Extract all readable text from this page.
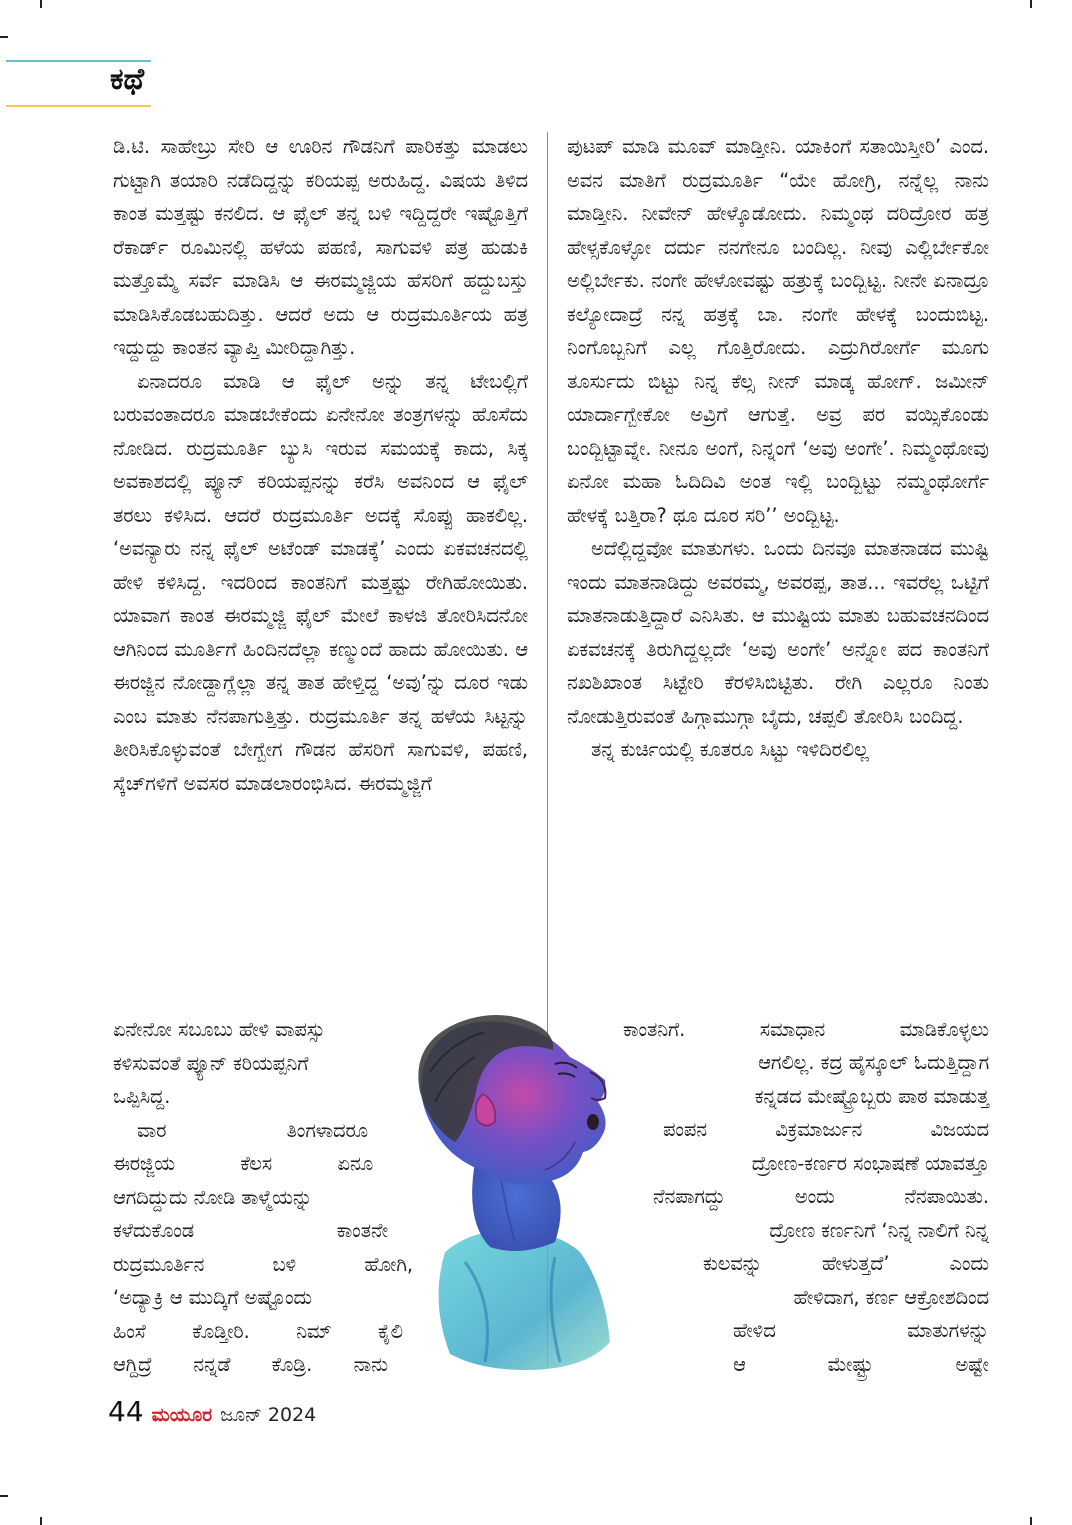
ಕಥೆ

ಡಿ.ಟಿ. ಸಾಹೇಬ್ರು ಸೇರಿ ಆ ಊರಿನ ಗೌಡನಿಗೆ ಪಾರಿಕತ್ತು ಮಾಡಲು ಗುಟ್ಟಾಗಿ ತಯಾರಿ ನಡೆದಿದ್ದನ್ನು ಕರಿಯಪ್ಪ ಅರುಹಿದ್ದ. ವಿಷಯ ತಿಳಿದ ಕಾಂತ ಮತ್ತಷ್ಟು ಕನಲಿದ. ಆ ಫೈಲ್ ತನ್ನ ಬಳಿ ಇದ್ದಿದ್ದರೇ ಇಷ್ಟೊತ್ತಿಗೆ ರೆಕಾರ್ಡ್ ರೂಮಿನಲ್ಲಿ ಹಳೆಯ ಪಹಣಿ, ಸಾಗುವಳಿ ಪತ್ರ ಹುಡುಕಿ ಮತ್ತೊಮ್ಮೆ ಸರ್ವೆ ಮಾಡಿಸಿ ಆ ಈರಮ್ಮಜ್ಜಿಯ ಹೆಸರಿಗೆ ಹದ್ದುಬಸ್ತು ಮಾಡಿಸಿಕೊಡಬಹುದಿತ್ತು. ಆದರೆ ಅದು ಆ ರುದ್ರಮೂರ್ತಿಯ ಹತ್ರ ಇದ್ದುದ್ದು ಕಾಂತನ ವ್ಯಾಪ್ತಿ ಮೀರಿದ್ದಾಗಿತ್ತು.

ಏನಾದರೂ ಮಾಡಿ ಆ ಫೈಲ್ ಅನ್ನು ತನ್ನ ಟೇಬಲ್ಲಿಗೆ ಬರುವಂತಾದರೂ ಮಾಡಬೇಕೆಂದು ಏನೇನೋ ತಂತ್ರಗಳನ್ನು ಹೊಸೆದು ನೋಡಿದ. ರುದ್ರಮೂರ್ತಿ ಬ್ಯುಸಿ ಇರುವ ಸಮಯಕ್ಕೆ ಕಾದು, ಸಿಕ್ಕ ಅವಕಾಶದಲ್ಲಿ ಪ್ಯೂನ್ ಕರಿಯಪ್ಪನನ್ನು ಕರೆಸಿ ಅವನಿಂದ ಆ ಫೈಲ್ ತರಲು ಕಳಿಸಿದ. ಆದರೆ ರುದ್ರಮೂರ್ತಿ ಅದಕ್ಕೆ ಸೊಪ್ಪು ಹಾಕಲಿಲ್ಲ. ‘ಅವನ್ಯಾರು ನನ್ನ ಫೈಲ್ ಅಟೆಂಡ್ ಮಾಡಕ್ಕೆ’ ಎಂದು ಏಕವಚನದಲ್ಲಿ ಹೇಳಿ ಕಳಿಸಿದ್ದ. ಇದರಿಂದ ಕಾಂತನಿಗೆ ಮತ್ತಷ್ಟು ರೇಗಿಹೋಯಿತು. ಯಾವಾಗ ಕಾಂತ ಈರಮ್ಮಜ್ಜಿ ಫೈಲ್ ಮೇಲೆ ಕಾಳಜಿ ತೋರಿಸಿದನೋ ಆಗಿನಿಂದ ಮೂರ್ತಿಗೆ ಹಿಂದಿನದೆಲ್ಲಾ ಕಣ್ಮುಂದೆ ಹಾದು ಹೋಯಿತು. ಆ ಈರಜ್ಜಿನ ನೋಡ್ದಾಗ್ಲೆಲ್ಲಾ ತನ್ನ ತಾತ ಹೇಳ್ತಿದ್ದ ‘ಅವು’ನ್ನು ದೂರ ಇಡು ಎಂಬ ಮಾತು ನೆನಪಾಗುತ್ತಿತ್ತು. ರುದ್ರಮೂರ್ತಿ ತನ್ನ ಹಳೆಯ ಸಿಟ್ಟನ್ನು ತೀರಿಸಿಕೊಳ್ಳುವಂತೆ ಬೇಗ್ಬೇಗ ಗೌಡನ ಹೆಸರಿಗೆ ಸಾಗುವಳಿ, ಪಹಣಿ, ಸ್ಕೆಚ್‌ಗಳಿಗೆ ಅವಸರ ಮಾಡಲಾರಂಭಿಸಿದ. ಈರಮ್ಮಜ್ಜಿಗೆ

ಏನೇನೋ ಸಬೂಬು ಹೇಳಿ ವಾಪಸ್ಸು
ಕಳಿಸುವಂತೆ ಪ್ಯೂನ್ ಕರಿಯಪ್ಪನಿಗೆ
ಒಪ್ಪಿಸಿದ್ದ.
ವಾರ	ತಿಂಗಳಾದರೂ
ಈರಜ್ಜಿಯ	ಕೆಲಸ	ಏನೂ
ಆಗದಿದ್ದುದು ನೋಡಿ ತಾಳ್ಮೆಯನ್ನು
ಕಳೆದುಕೊಂಡ	ಕಾಂತನೇ
ರುದ್ರಮೂರ್ತಿನ	ಬಳಿ	ಹೋಗಿ,
‘ಅದ್ಯಾಕ್ರಿ ಆ ಮುದ್ಕಿಗೆ ಅಷ್ಟೊಂದು
ಹಿಂಸೆ ಕೊಡ್ತೀರಿ. ನಿಮ್ ಕೈಲಿ
ಆಗ್ದಿದ್ರೆ ನನ್ನಡೆ ಕೊಡ್ರಿ. ನಾನು

ಪುಟಪ್ ಮಾಡಿ ಮೂವ್ ಮಾಡ್ತೀನಿ. ಯಾಕಿಂಗೆ ಸತಾಯಿಸ್ತೀರಿ’ ಎಂದ. ಅವನ ಮಾತಿಗೆ ರುದ್ರಮೂರ್ತಿ “ಯೇ ಹೋಗ್ರಿ, ನನ್ನೆಲ್ಲ ನಾನು ಮಾಡ್ತೀನಿ. ನೀವೇನ್ ಹೇಳ್ಕೊಡೋದು. ನಿಮ್ಮಂಥ ದರಿದ್ರೋರ ಹತ್ರ ಹೇಳ್ಸಕೊಳ್ಳೋ ದರ್ದು ನನಗೇನೂ ಬಂದಿಲ್ಲ. ನೀವು ಎಲ್ಲಿರ್ಬೇಕೋ ಅಲ್ಲಿರ್ಬೇಕು. ನಂಗೇ ಹೇಳೋವಷ್ಟು ಹತ್ರುಕ್ಕೆ ಬಂದ್ಬಿಟ್ಟ. ನೀನೇ ಏನಾದ್ರೂ ಕಲ್ಯೋದಾದ್ರೆ ನನ್ನ ಹತ್ರಕ್ಕೆ ಬಾ. ನಂಗೇ ಹೇಳಕ್ಕೆ ಬಂದುಬಿಟ್ಟ. ನಿಂಗೊಬ್ಬನಿಗೆ ಎಲ್ಲ ಗೊತ್ತಿರೋದು. ಎದ್ರುಗಿರೋರ್ಗೆ ಮೂಗು ತೂರ್ಸುದು ಬಿಟ್ಟು ನಿನ್ನ ಕೆಲ್ಸ ನೀನ್ ಮಾಡ್ಕ ಹೋಗ್. ಜಮೀನ್ ಯಾರ್ದಾಗ್ಬೇಕೋ ಅವ್ರಿಗೆ ಆಗುತ್ತೆ. ಅವ್ರ ಪರ ವಯ್ಸಿಕೊಂಡು ಬಂದ್ಬಿಟ್ಟಾವ್ನೇ. ನೀನೂ ಅಂಗೆ, ನಿನ್ನಂಗೆ ‘ಅವು ಅಂಗೇ’. ನಿಮ್ಮಂಥೋವು ಏನೋ ಮಹಾ ಓದಿದಿವಿ ಅಂತ ಇಲ್ಲಿ ಬಂದ್ಬಿಟ್ಟು ನಮ್ಮಂಥೋರ್ಗೆ ಹೇಳಕ್ಕೆ ಬತ್ತಿರಾ? ಥೂ ದೂರ ಸರಿ’’ ಅಂದ್ಬಿಟ್ಟ.

ಅದೆಲ್ಲಿದ್ದವೋ ಮಾತುಗಳು. ಒಂದು ದಿನವೂ ಮಾತನಾಡದ ಮುಷ್ಟಿ ಇಂದು ಮಾತನಾಡಿದ್ದು ಅವರಮ್ಮ, ಅವರಪ್ಪ, ತಾತ... ಇವರೆಲ್ಲ ಒಟ್ಟಿಗೆ ಮಾತನಾಡುತ್ತಿದ್ದಾರೆ ಎನಿಸಿತು. ಆ ಮುಷ್ಟಿಯ ಮಾತು ಬಹುವಚನದಿಂದ ಏಕವಚನಕ್ಕೆ ತಿರುಗಿದ್ದಲ್ಲದೇ ‘ಅವು ಅಂಗೇ’ ಅನ್ನೋ ಪದ ಕಾಂತನಿಗೆ ನಖಶಿಖಾಂತ ಸಿಟ್ಟೇರಿ ಕೆರಳಿಸಿಬಿಟ್ಟಿತು. ರೇಗಿ ಎಲ್ಲರೂ ನಿಂತು ನೋಡುತ್ತಿರುವಂತೆ ಹಿಗ್ಗಾಮುಗ್ಗಾ ಬೈದು, ಚಪ್ಪಲಿ ತೋರಿಸಿ ಬಂದಿದ್ದ.

ತನ್ನ ಕುರ್ಚಿಯಲ್ಲಿ ಕೂತರೂ ಸಿಟ್ಟು ಇಳಿದಿರಲಿಲ್ಲ

ಕಾಂತನಿಗೆ.	ಸಮಾಧಾನ	ಮಾಡಿಕೊಳ್ಳಲು
ಆಗಲಿಲ್ಲ. ಕದ್ರ ಹೈಸ್ಕೂಲ್ ಓದುತ್ತಿದ್ದಾಗ
ಕನ್ನಡದ ಮೇಷ್ಟ್ರೊಬ್ಬರು ಪಾಠ ಮಾಡುತ್ತ
ಪಂಪನ	ವಿಕ್ರಮಾರ್ಜುನ	ವಿಜಯದ
ದ್ರೋಣ-ಕರ್ಣರ ಸಂಭಾಷಣೆ ಯಾವತ್ತೂ
ನೆನಪಾಗದ್ದು	ಅಂದು	ನೆನಪಾಯಿತು.
ದ್ರೋಣ ಕರ್ಣನಿಗೆ ‘ನಿನ್ನ ನಾಲಿಗೆ ನಿನ್ನ
ಕುಲವನ್ನು	ಹೇಳುತ್ತದೆ’	ಎಂದು
ಹೇಳಿದಾಗ, ಕರ್ಣ ಆಕ್ರೋಶದಿಂದ
ಹೇಳಿದ	ಮಾತುಗಳನ್ನು
ಆ	ಮೇಷ್ಟ್ರು	ಅಷ್ಟೇ
44 ಮಯೂರ ಜೂನ್ 2024
